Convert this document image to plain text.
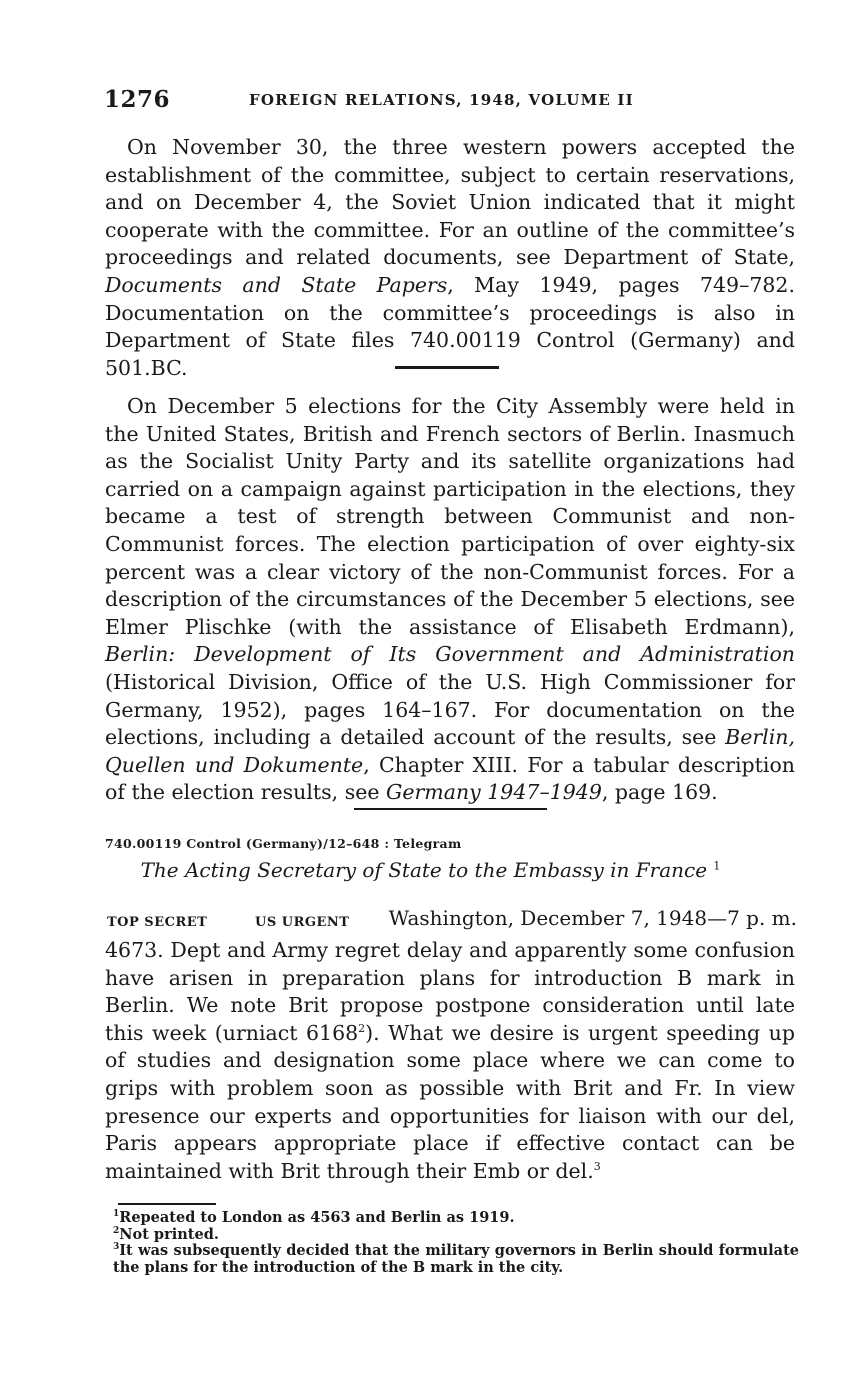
1276	FOREIGN RELATIONS, 1948, VOLUME II

On November 30, the three western powers accepted the establishment of the committee, subject to certain reservations, and on December 4, the Soviet Union indicated that it might cooperate with the committee. For an outline of the committee’s proceedings and related documents, see Department of State, Documents and State Papers, May 1949, pages 749–782. Documentation on the committee’s proceedings is also in Department of State files 740.00119 Control (Germany) and 501.BC.

On December 5 elections for the City Assembly were held in the United States, British and French sectors of Berlin. Inasmuch as the Socialist Unity Party and its satellite organizations had carried on a campaign against participation in the elections, they became a test of strength between Communist and non-Communist forces. The election participation of over eighty-six percent was a clear victory of the non-Communist forces. For a description of the circumstances of the December 5 elections, see Elmer Plischke (with the assistance of Elisabeth Erdmann), Berlin: Development of Its Government and Administration (Historical Division, Office of the U.S. High Commissioner for Germany, 1952), pages 164–167. For documentation on the elections, including a detailed account of the results, see Berlin, Quellen und Dokumente, Chapter XIII. For a tabular description of the election results, see Germany 1947–1949, page 169.

740.00119 Control (Germany)/12–648 : Telegram
The Acting Secretary of State to the Embassy in France $^1$
TOP SECRET	US URGENT Washington, December 7, 1948—7 p. m.

4673. Dept and Army regret delay and apparently some confusion have arisen in preparation plans for introduction B mark in Berlin. We note Brit propose postpone consideration until late this week (urniact 6168$^2$). What we desire is urgent speeding up of studies and designation some place where we can come to grips with problem soon as possible with Brit and Fr. In view presence our experts and opportunities for liaison with our del, Paris appears appropriate place if effective contact can be maintained with Brit through their Emb or del.$^3$

$^1$Repeated to London as 4563 and Berlin as 1919.

$^2$Not printed.

$^3$It was subsequently decided that the military governors in Berlin should formulate the plans for the introduction of the B mark in the city.
